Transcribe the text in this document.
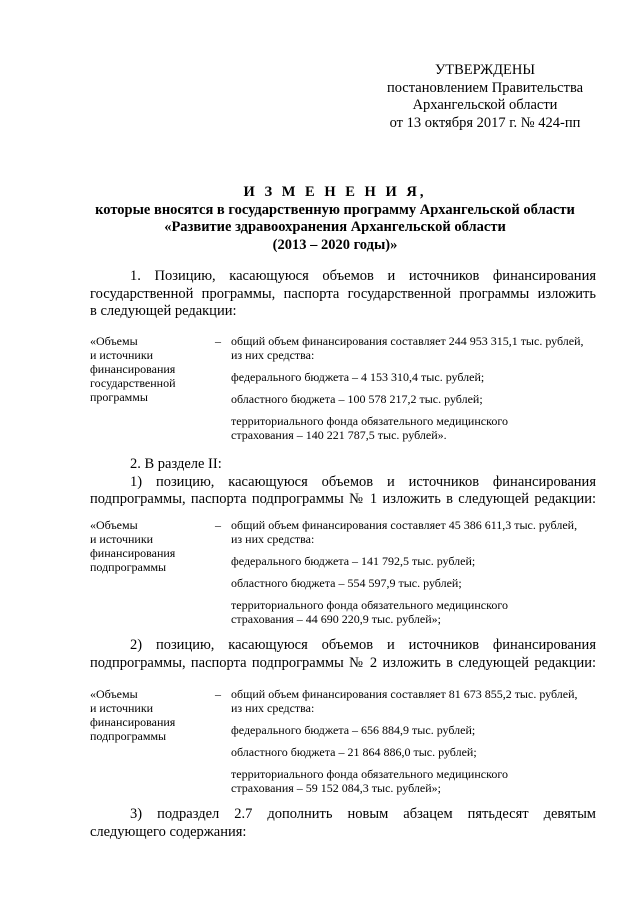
УТВЕРЖДЕНЫ
постановлением Правительства
Архангельской области
от 13 октября 2017 г. № 424-пп
И З М Е Н Е Н И Я,
которые вносятся в государственную программу Архангельской области
«Развитие здравоохранения Архангельской области
(2013 – 2020 годы)»
1. Позицию, касающуюся объемов и источников финансирования
государственной программы, паспорта государственной программы изложить
в следующей редакции:
«Объемы
и источники
финансирования
государственной
программы
– общий объем финансирования составляет 244 953 315,1 тыс. рублей,
из них средства:
федерального бюджета – 4 153 310,4 тыс. рублей;
областного бюджета – 100 578 217,2 тыс. рублей;
территориального фонда обязательного медицинского
страхования – 140 221 787,5 тыс. рублей».
2. В разделе II:
1) позицию, касающуюся объемов и источников финансирования
подпрограммы, паспорта подпрограммы № 1 изложить в следующей редакции:
«Объемы
и источники
финансирования
подпрограммы
– общий объем финансирования составляет 45 386 611,3 тыс. рублей,
из них средства:
федерального бюджета – 141 792,5 тыс. рублей;
областного бюджета – 554 597,9 тыс. рублей;
территориального фонда обязательного медицинского
страхования – 44 690 220,9 тыс. рублей»;
2) позицию, касающуюся объемов и источников финансирования
подпрограммы, паспорта подпрограммы № 2 изложить в следующей редакции:
«Объемы
и источники
финансирования
подпрограммы
– общий объем финансирования составляет 81 673 855,2 тыс. рублей,
из них средства:
федерального бюджета – 656 884,9 тыс. рублей;
областного бюджета – 21 864 886,0 тыс. рублей;
территориального фонда обязательного медицинского
страхования – 59 152 084,3 тыс. рублей»;
3) подраздел 2.7 дополнить новым абзацем пятьдесят девятым
следующего содержания:
